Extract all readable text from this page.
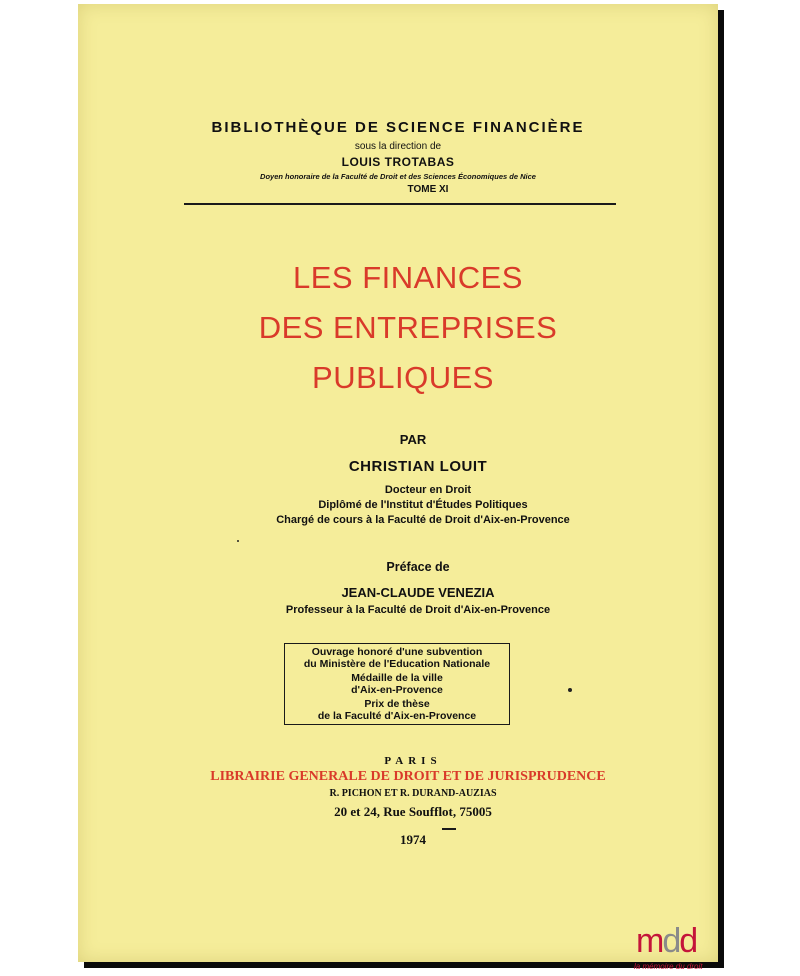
BIBLIOTHÈQUE DE SCIENCE FINANCIÈRE
sous la direction de
LOUIS TROTABAS
Doyen honoraire de la Faculté de Droit et des Sciences Économiques de Nice
TOME XI
LES FINANCES
DES ENTREPRISES
PUBLIQUES
PAR
CHRISTIAN LOUIT
Docteur en Droit
Diplômé de l'Institut d'Études Politiques
Chargé de cours à la Faculté de Droit d'Aix-en-Provence
Préface de
JEAN-CLAUDE VENEZIA
Professeur à la Faculté de Droit d'Aix-en-Provence
Ouvrage honoré d'une subvention
du Ministère de l'Education Nationale
Médaille de la ville
d'Aix-en-Provence
Prix de thèse
de la Faculté d'Aix-en-Provence
PARIS
LIBRAIRIE GENERALE DE DROIT ET DE JURISPRUDENCE
R. PICHON ET R. DURAND-AUZIAS
20 et 24, Rue Soufflot, 75005
1974
mdd
la mémoire du droit
